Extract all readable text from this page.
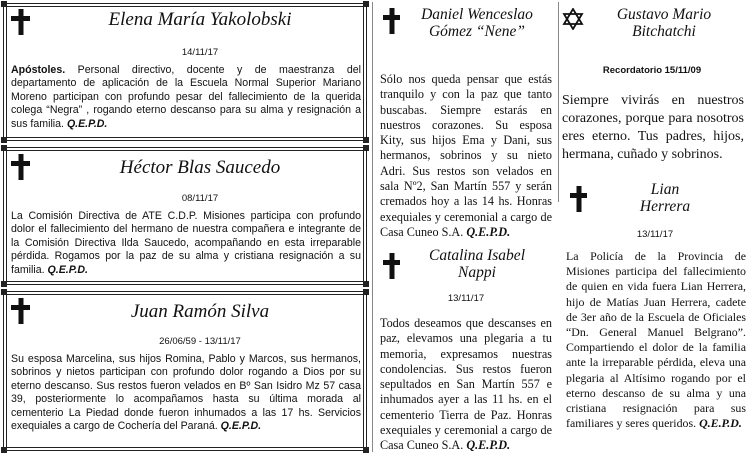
Elena María Yakolobski
14/11/17
Apóstoles. Personal directivo, docente y de maestranza del departamento de aplicación de la Escuela Normal Superior Mariano Moreno participan con profundo pesar del fallecimiento de la querida colega “Negra” , rogando eterno descanso para su alma y resignación a sus familia. Q.E.P.D.
Héctor Blas Saucedo
08/11/17
La Comisión Directiva de ATE C.D.P. Misiones participa con profundo dolor el fallecimiento del hermano de nuestra compañera e integrante de la Comisión Directiva Ilda Saucedo, acompañando en esta irreparable pérdida. Rogamos por la paz de su alma y cristiana resignación a su familia. Q.E.P.D.
Juan Ramón Silva
26/06/59 - 13/11/17
Su esposa Marcelina, sus hijos Romina, Pablo y Marcos, sus hermanos, sobrinos y nietos participan con profundo dolor rogando a Dios por su eterno descanso. Sus restos fueron velados en Bº San Isidro Mz 57 casa 39, posteriormente lo acompañamos hasta su última morada al cementerio La Piedad donde fueron inhumados a las 17 hs. Servicios exequiales a cargo de Cochería del Paraná. Q.E.P.D.
Daniel Wenceslao
Gómez “Nene”
Sólo nos queda pensar que estás tranquilo y con la paz que tanto buscabas. Siempre estarás en nuestros corazones. Su esposa Kity, sus hijos Ema y Dani, sus hermanos, sobrinos y su nieto Adri. Sus restos son velados en sala Nº2, San Martín 557 y serán cremados hoy a las 14 hs. Honras exequiales y ceremonial a cargo de Casa Cuneo S.A. Q.E.P.D.
Catalina Isabel
Nappi
13/11/17
Todos deseamos que descanses en paz, elevamos una plegaria a tu memoria, expresamos nuestras condolencias. Sus restos fueron sepultados en San Martín 557 e inhumados ayer a las 11 hs. en el cementerio Tierra de Paz. Honras exequiales y ceremonial a cargo de Casa Cuneo S.A. Q.E.P.D.
Gustavo Mario
Bitchatchi
Recordatorio 15/11/09
Siempre vivirás en nuestros corazones, porque para nosotros eres eterno. Tus padres, hijos, hermana, cuñado y sobrinos.
Lian
Herrera
13/11/17
La Policía de la Provincia de Misiones participa del fallecimiento de quien en vida fuera Lian Herrera, hijo de Matías Juan Herrera, cadete de 3er año de la Escuela de Oficiales “Dn. General Manuel Belgrano”. Compartiendo el dolor de la familia ante la irreparable pérdida, eleva una plegaria al Altísimo rogando por el eterno descanso de su alma y una cristiana resignación para sus familiares y seres queridos. Q.E.P.D.
